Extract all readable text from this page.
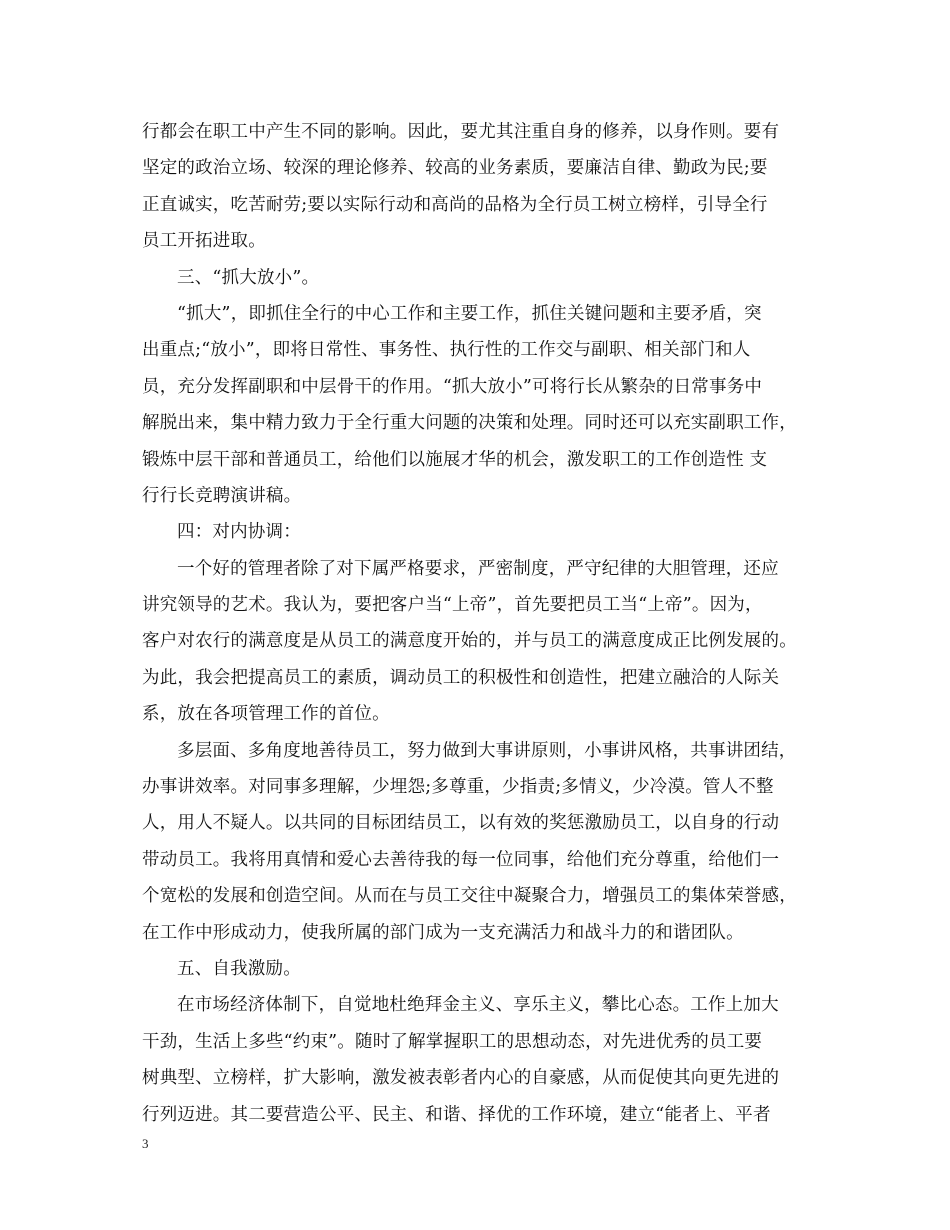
行都会在职工中产生不同的影响。因此，要尤其注重自身的修养，以身作则。要有
坚定的政治立场、较深的理论修养、较高的业务素质，要廉洁自律、勤政为民;要
正直诚实，吃苦耐劳;要以实际行动和高尚的品格为全行员工树立榜样，引导全行
员工开拓进取。
三、“抓大放小”。
“抓大”，即抓住全行的中心工作和主要工作，抓住关键问题和主要矛盾，突
出重点;“放小”，即将日常性、事务性、执行性的工作交与副职、相关部门和人
员，充分发挥副职和中层骨干的作用。“抓大放小”可将行长从繁杂的日常事务中
解脱出来，集中精力致力于全行重大问题的决策和处理。同时还可以充实副职工作，
锻炼中层干部和普通员工，给他们以施展才华的机会，激发职工的工作创造性 支
行行长竞聘演讲稿。
四：对内协调：
一个好的管理者除了对下属严格要求，严密制度，严守纪律的大胆管理，还应
讲究领导的艺术。我认为，要把客户当“上帝”，首先要把员工当“上帝”。因为，
客户对农行的满意度是从员工的满意度开始的，并与员工的满意度成正比例发展的。
为此，我会把提高员工的素质，调动员工的积极性和创造性，把建立融洽的人际关
系，放在各项管理工作的首位。
多层面、多角度地善待员工，努力做到大事讲原则，小事讲风格，共事讲团结，
办事讲效率。对同事多理解，少埋怨;多尊重，少指责;多情义，少冷漠。管人不整
人，用人不疑人。以共同的目标团结员工，以有效的奖惩激励员工，以自身的行动
带动员工。我将用真情和爱心去善待我的每一位同事，给他们充分尊重，给他们一
个宽松的发展和创造空间。从而在与员工交往中凝聚合力，增强员工的集体荣誉感，
在工作中形成动力，使我所属的部门成为一支充满活力和战斗力的和谐团队。
五、自我激励。
在市场经济体制下，自觉地杜绝拜金主义、享乐主义，攀比心态。工作上加大
干劲，生活上多些“约束”。随时了解掌握职工的思想动态，对先进优秀的员工要
树典型、立榜样，扩大影响，激发被表彰者内心的自豪感，从而促使其向更先进的
行列迈进。其二要营造公平、民主、和谐、择优的工作环境，建立“能者上、平者
3
